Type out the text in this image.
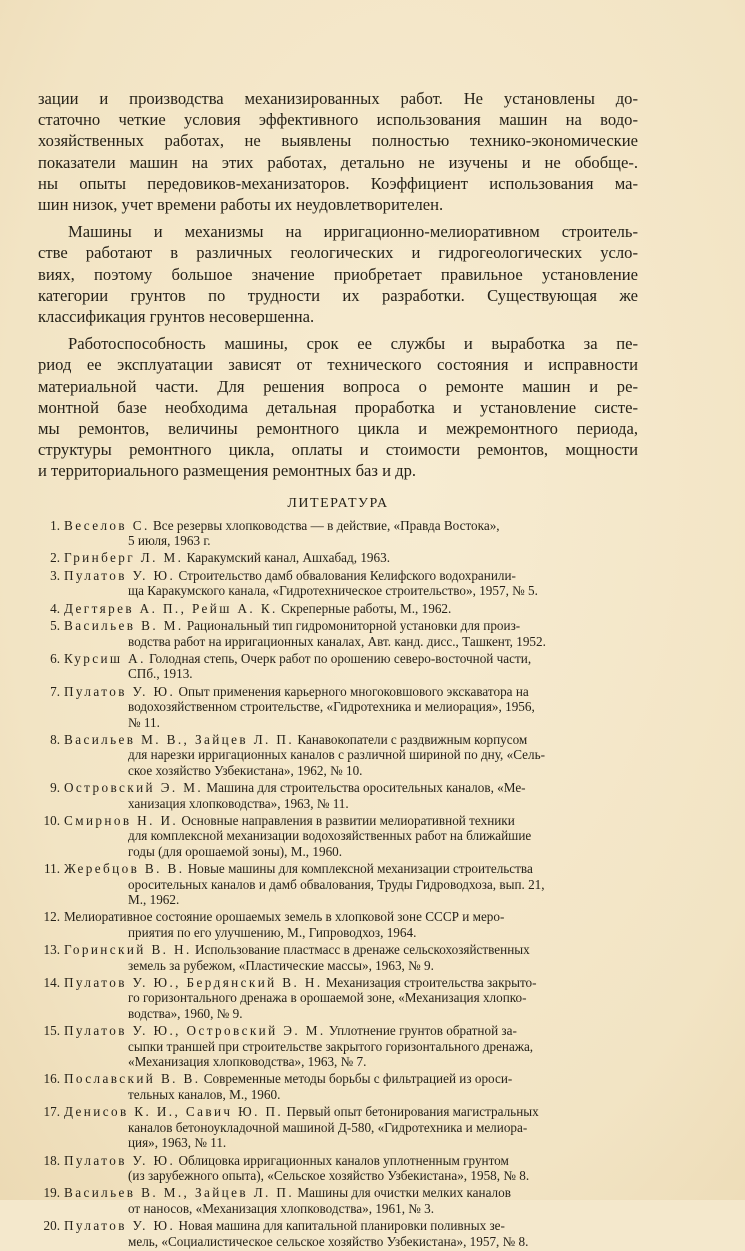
зации и производства механизированных работ. Не установлены до-
статочно четкие условия эффективного использования машин на водо-
хозяйственных работах, не выявлены полностью технико-экономические
показатели машин на этих работах, детально не изучены и не обобще-.
ны опыты передовиков-механизаторов. Коэффициент использования ма-
шин низок, учет времени работы их неудовлетворителен.
Машины и механизмы на ирригационно-мелиоративном строитель-
стве работают в различных геологических и гидрогеологических усло-
виях, поэтому большое значение приобретает правильное установление
категории грунтов по трудности их разработки. Существующая же
классификация грунтов несовершенна.
Работоспособность машины, срок ее службы и выработка за пе-
риод ее эксплуатации зависят от технического состояния и исправности
материальной части. Для решения вопроса о ремонте машин и ре-
монтной базе необходима детальная проработка и установление систе-
мы ремонтов, величины ремонтного цикла и межремонтного периода,
структуры ремонтного цикла, оплаты и стоимости ремонтов, мощности
и территориального размещения ремонтных баз и др.
ЛИТЕРАТУРА
1. Веселов С. Все резервы хлопководства — в действие, «Правда Востока»,
5 июля, 1963 г.
2. Гринберг Л. М. Каракумский канал, Ашхабад, 1963.
3. Пулатов У. Ю. Строительство дамб обвалования Келифского водохранили-
ща Каракумского канала, «Гидротехническое строительство», 1957, № 5.
4. Дегтярев А. П., Рейш А. К. Скреперные работы, М., 1962.
5. Васильев В. М. Рациональный тип гидромониторной установки для произ-
водства работ на ирригационных каналах, Авт. канд. дисс., Ташкент, 1952.
6. Курсиш А. Голодная степь, Очерк работ по орошению северо-восточной части,
СПб., 1913.
7. Пулатов У. Ю. Опыт применения карьерного многоковшового экскаватора на
водохозяйственном строительстве, «Гидротехника и мелиорация», 1956,
№ 11.
8. Васильев М. В., Зайцев Л. П. Канавокопатели с раздвижным корпусом
для нарезки ирригационных каналов с различной шириной по дну, «Сель-
ское хозяйство Узбекистана», 1962, № 10.
9. Островский Э. М. Машина для строительства оросительных каналов, «Ме-
ханизация хлопководства», 1963, № 11.
10. Смирнов Н. И. Основные направления в развитии мелиоративной техники
для комплексной механизации водохозяйственных работ на ближайшие
годы (для орошаемой зоны), М., 1960.
11. Жеребцов В. В. Новые машины для комплексной механизации строительства
оросительных каналов и дамб обвалования, Труды Гидроводхоза, вып. 21,
М., 1962.
12. Мелиоративное состояние орошаемых земель в хлопковой зоне СССР и меро-
приятия по его улучшению, М., Гипроводхоз, 1964.
13. Горинский В. Н. Использование пластмасс в дренаже сельскохозяйственных
земель за рубежом, «Пластические массы», 1963, № 9.
14. Пулатов У. Ю., Бердянский В. Н. Механизация строительства закрыто-
го горизонтального дренажа в орошаемой зоне, «Механизация хлопко-
водства», 1960, № 9.
15. Пулатов У. Ю., Островский Э. М. Уплотнение грунтов обратной за-
сыпки траншей при строительстве закрытого горизонтального дренажа,
«Механизация хлопководства», 1963, № 7.
16. Пославский В. В. Современные методы борьбы с фильтрацией из ороси-
тельных каналов, М., 1960.
17. Денисов К. И., Савич Ю. П. Первый опыт бетонирования магистральных
каналов бетоноукладочной машиной Д-580, «Гидротехника и мелиора-
ция», 1963, № 11.
18. Пулатов У. Ю. Облицовка ирригационных каналов уплотненным грунтом
(из зарубежного опыта), «Сельское хозяйство Узбекистана», 1958, № 8.
19. Васильев В. М., Зайцев Л. П. Машины для очистки мелких каналов
от наносов, «Механизация хлопководства», 1961, № 3.
20. Пулатов У. Ю. Новая машина для капитальной планировки поливных зе-
мель, «Социалистическое сельское хозяйство Узбекистана», 1957, № 8.
